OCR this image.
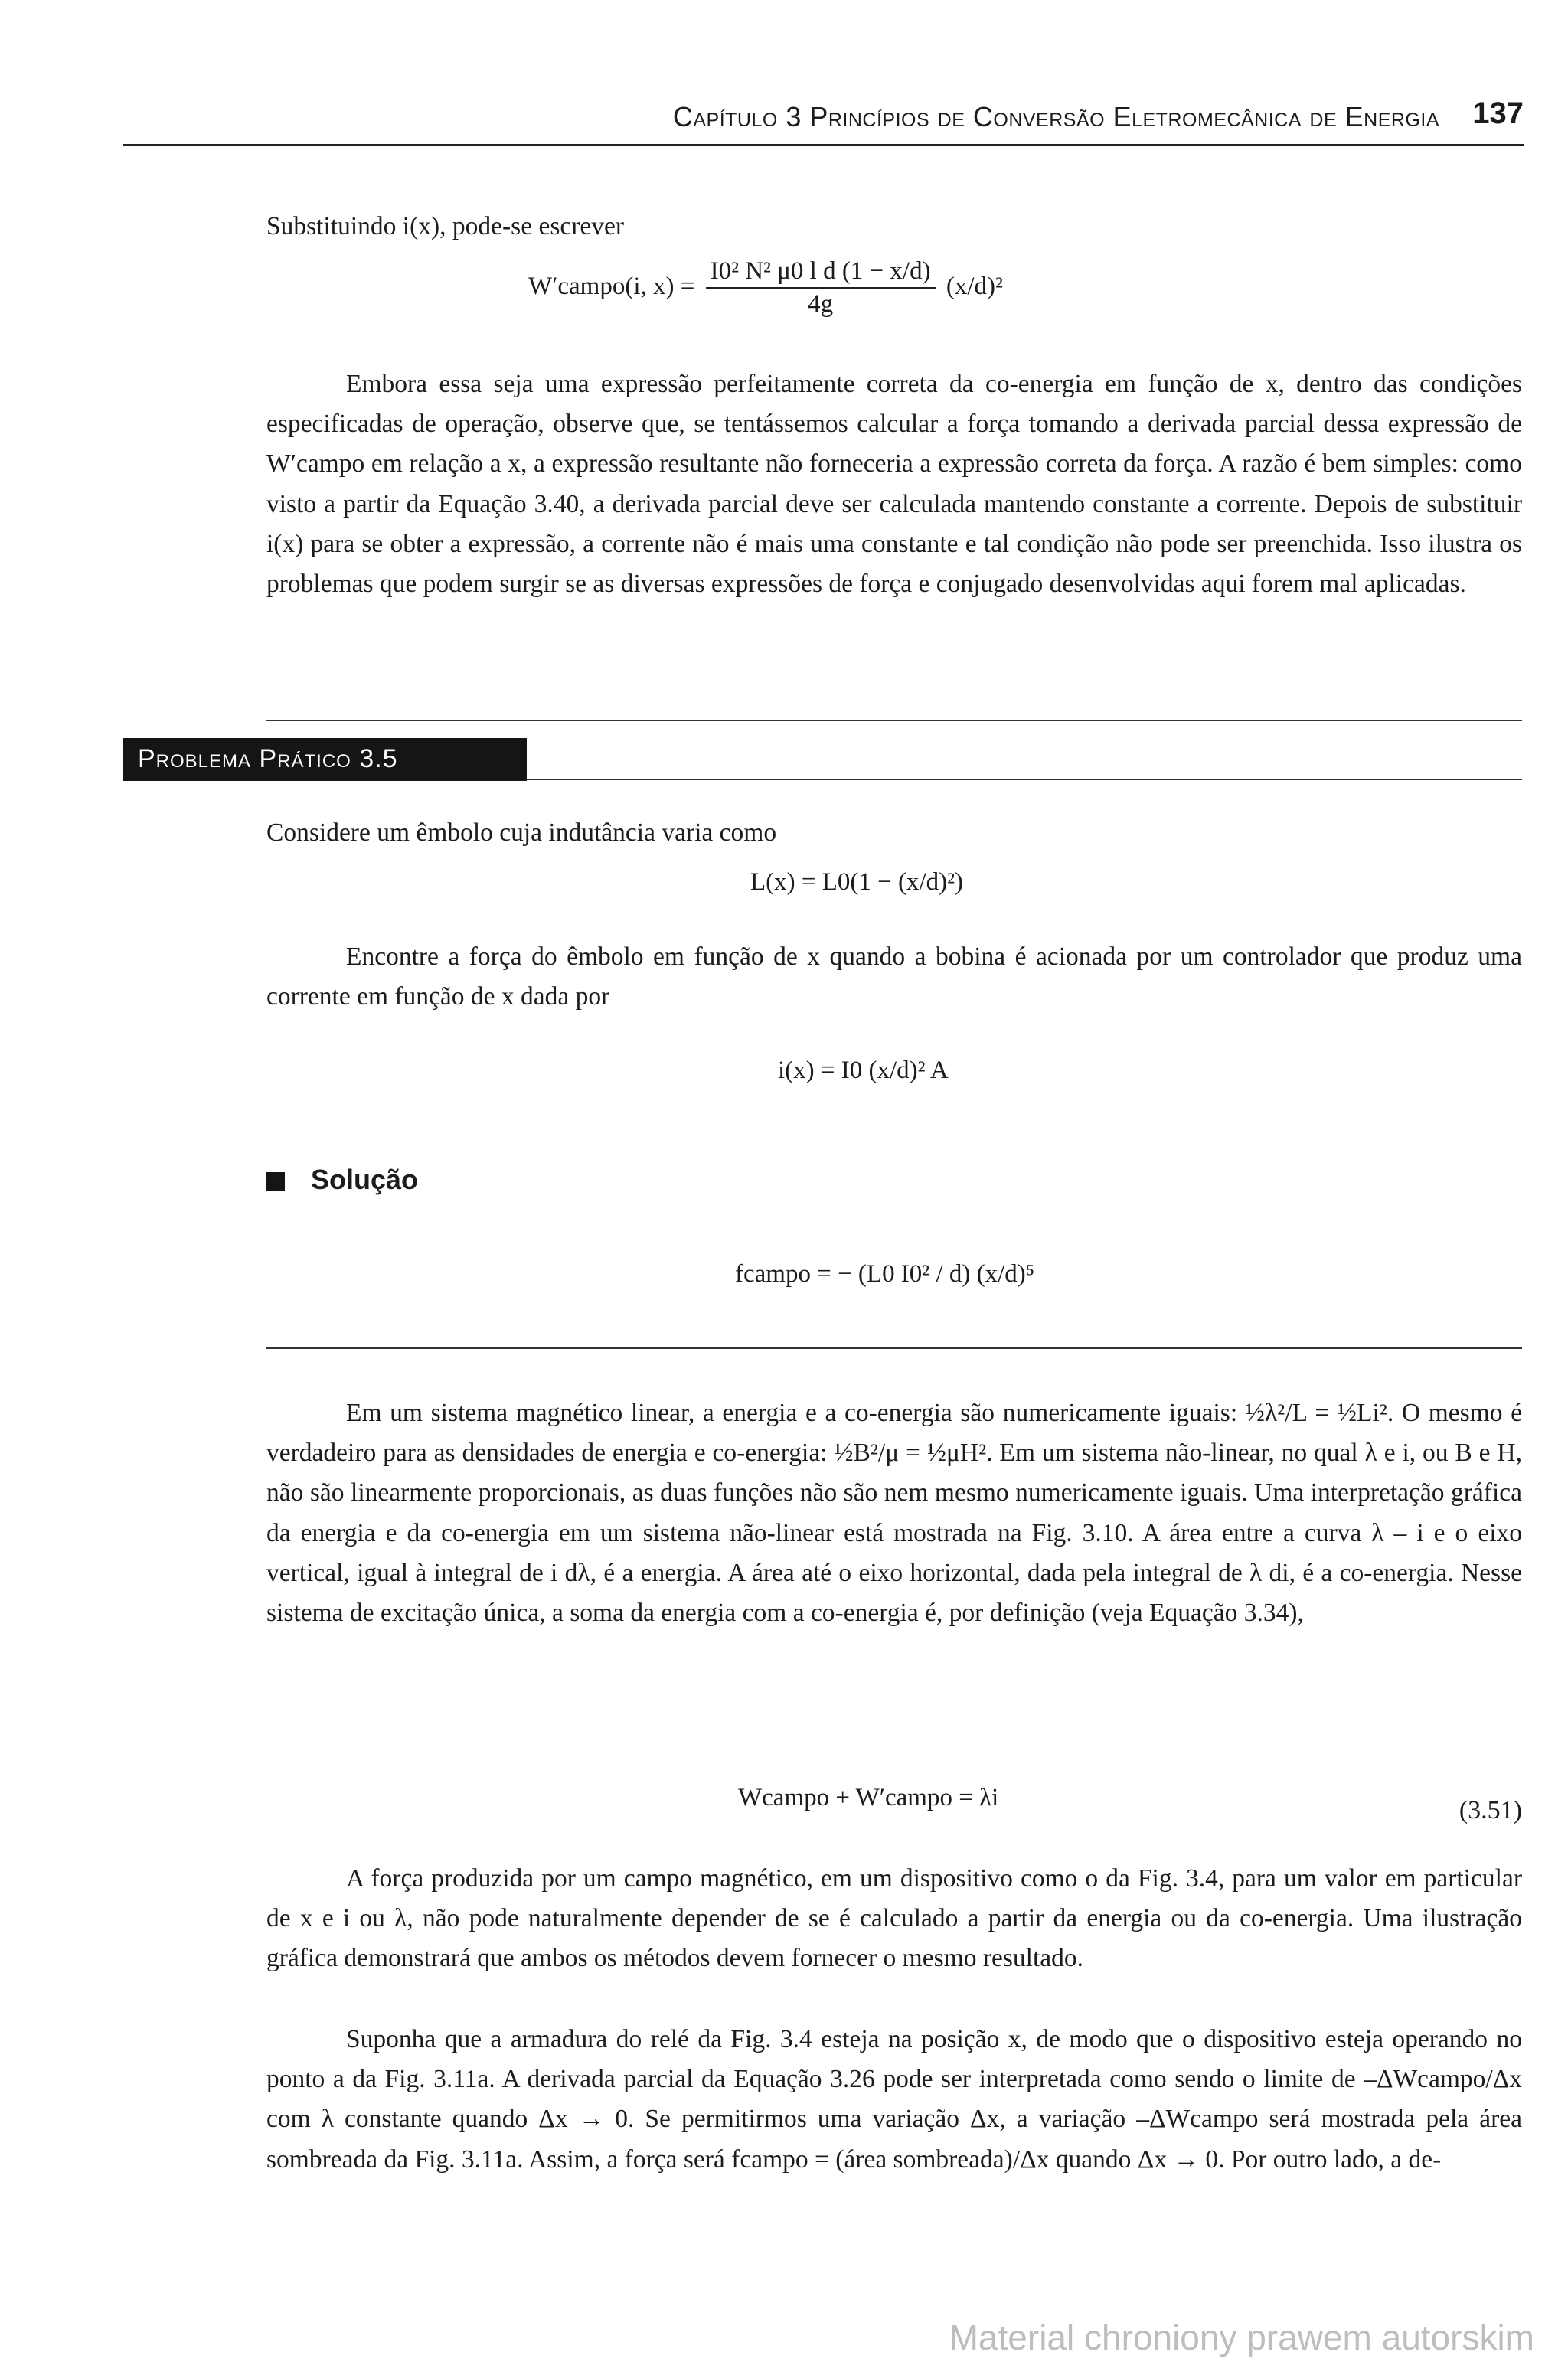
Capítulo 3 Princípios de Conversão Eletromecânica de Energia 137

Substituindo i(x), pode-se escrever

W′campo(i, $x) = \frac{\text{I0² N² μ0 l d (1 − x/d)}}{4g} (x/d)^2$

Embora essa seja uma expressão perfeitamente correta da co-energia em função de x, dentro das condições especificadas de operação, observe que, se tentássemos calcular a força tomando a derivada parcial dessa expressão de W′campo em relação a x, a expressão resultante não forneceria a expressão correta da força. A razão é bem simples: como visto a partir da Equação 3.40, a derivada parcial deve ser calculada mantendo constante a corrente. Depois de substituir i(x) para se obter a expressão, a corrente não é mais uma constante e tal condição não pode ser preenchida. Isso ilustra os problemas que podem surgir se as diversas expressões de força e conjugado desenvolvidas aqui forem mal aplicadas.

Problema Prático 3.5

Considere um êmbolo cuja indutância varia como

L(x) = L0(1 − (x/d)²)

Encontre a força do êmbolo em função de x quando a bobina é acionada por um controlador que produz uma corrente em função de x dada por

i(x) = I0 (x/d)² A
Solução
fcampo = − (L0 I0² / d) (x/d)⁵

Em um sistema magnético linear, a energia e a co-energia são numericamente iguais: ½λ²/L = ½Li². O mesmo é verdadeiro para as densidades de energia e co-energia: ½B²/μ = ½μH². Em um sistema não-linear, no qual λ e i, ou B e H, não são linearmente proporcionais, as duas funções não são nem mesmo numericamente iguais. Uma interpretação gráfica da energia e da co-energia em um sistema não-linear está mostrada na Fig. 3.10. A área entre a curva λ – i e o eixo vertical, igual à integral de i dλ, é a energia. A área até o eixo horizontal, dada pela integral de λ di, é a co-energia. Nesse sistema de excitação única, a soma da energia com a co-energia é, por definição (veja Equação 3.34),

Wcampo + W′campo = λi	(3.51)

A força produzida por um campo magnético, em um dispositivo como o da Fig. 3.4, para um valor em particular de x e i ou λ, não pode naturalmente depender de se é calculado a partir da energia ou da co-energia. Uma ilustração gráfica demonstrará que ambos os métodos devem fornecer o mesmo resultado.

Suponha que a armadura do relé da Fig. 3.4 esteja na posição x, de modo que o dispositivo esteja operando no ponto a da Fig. 3.11a. A derivada parcial da Equação 3.26 pode ser interpretada como sendo o limite de –ΔWcampo/Δx com λ constante quando Δx → 0. Se permitirmos uma variação Δx, a variação –ΔWcampo será mostrada pela área sombreada da Fig. 3.11a. Assim, a força será fcampo = (área sombreada)/Δx quando Δx → 0. Por outro lado, a de-

Material chroniony prawem autorskim
